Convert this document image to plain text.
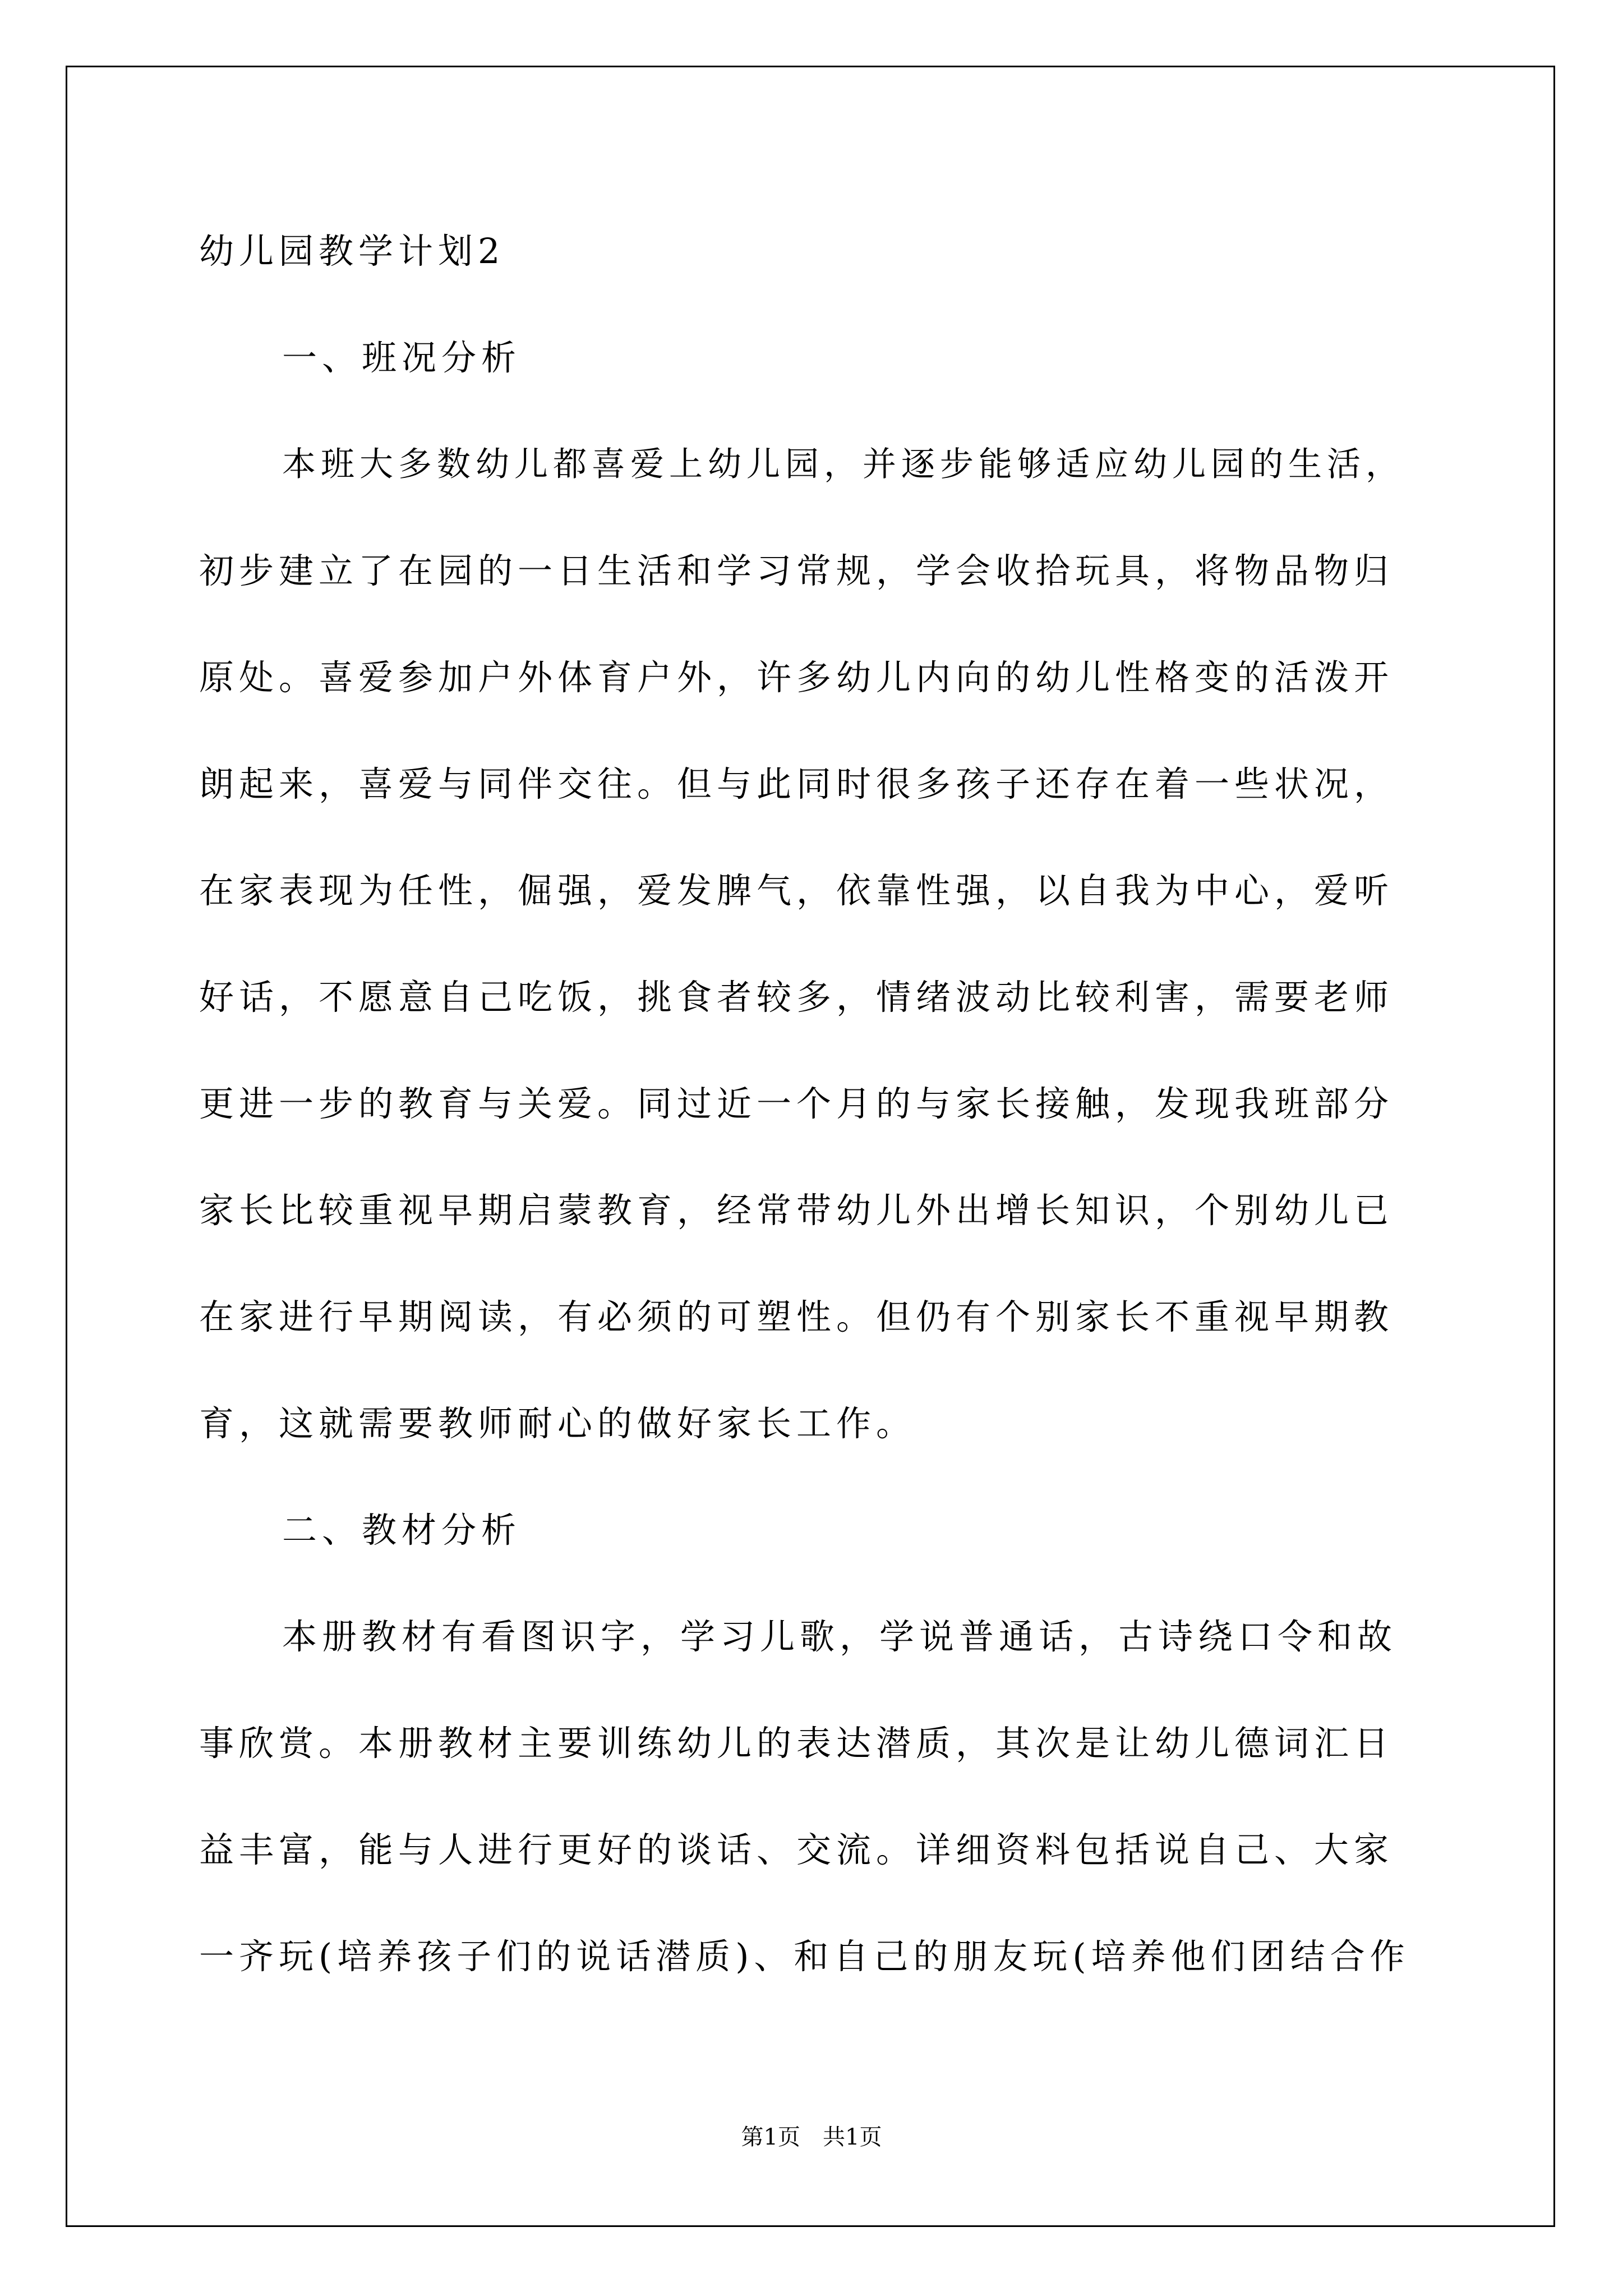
幼儿园教学计划2
一、班况分析
本班大多数幼儿都喜爱上幼儿园，并逐步能够适应幼儿园的生活，
初步建立了在园的一日生活和学习常规，学会收拾玩具，将物品物归
原处。喜爱参加户外体育户外，许多幼儿内向的幼儿性格变的活泼开
朗起来，喜爱与同伴交往。但与此同时很多孩子还存在着一些状况，
在家表现为任性，倔强，爱发脾气，依靠性强，以自我为中心，爱听
好话，不愿意自己吃饭，挑食者较多，情绪波动比较利害，需要老师
更进一步的教育与关爱。同过近一个月的与家长接触，发现我班部分
家长比较重视早期启蒙教育，经常带幼儿外出增长知识，个别幼儿已
在家进行早期阅读，有必须的可塑性。但仍有个别家长不重视早期教
育，这就需要教师耐心的做好家长工作。
二、教材分析
本册教材有看图识字，学习儿歌，学说普通话，古诗绕口令和故
事欣赏。本册教材主要训练幼儿的表达潜质，其次是让幼儿德词汇日
益丰富，能与人进行更好的谈话、交流。详细资料包括说自己、大家
一齐玩(培养孩子们的说话潜质)、和自己的朋友玩(培养他们团结合作
第1页　共1页
